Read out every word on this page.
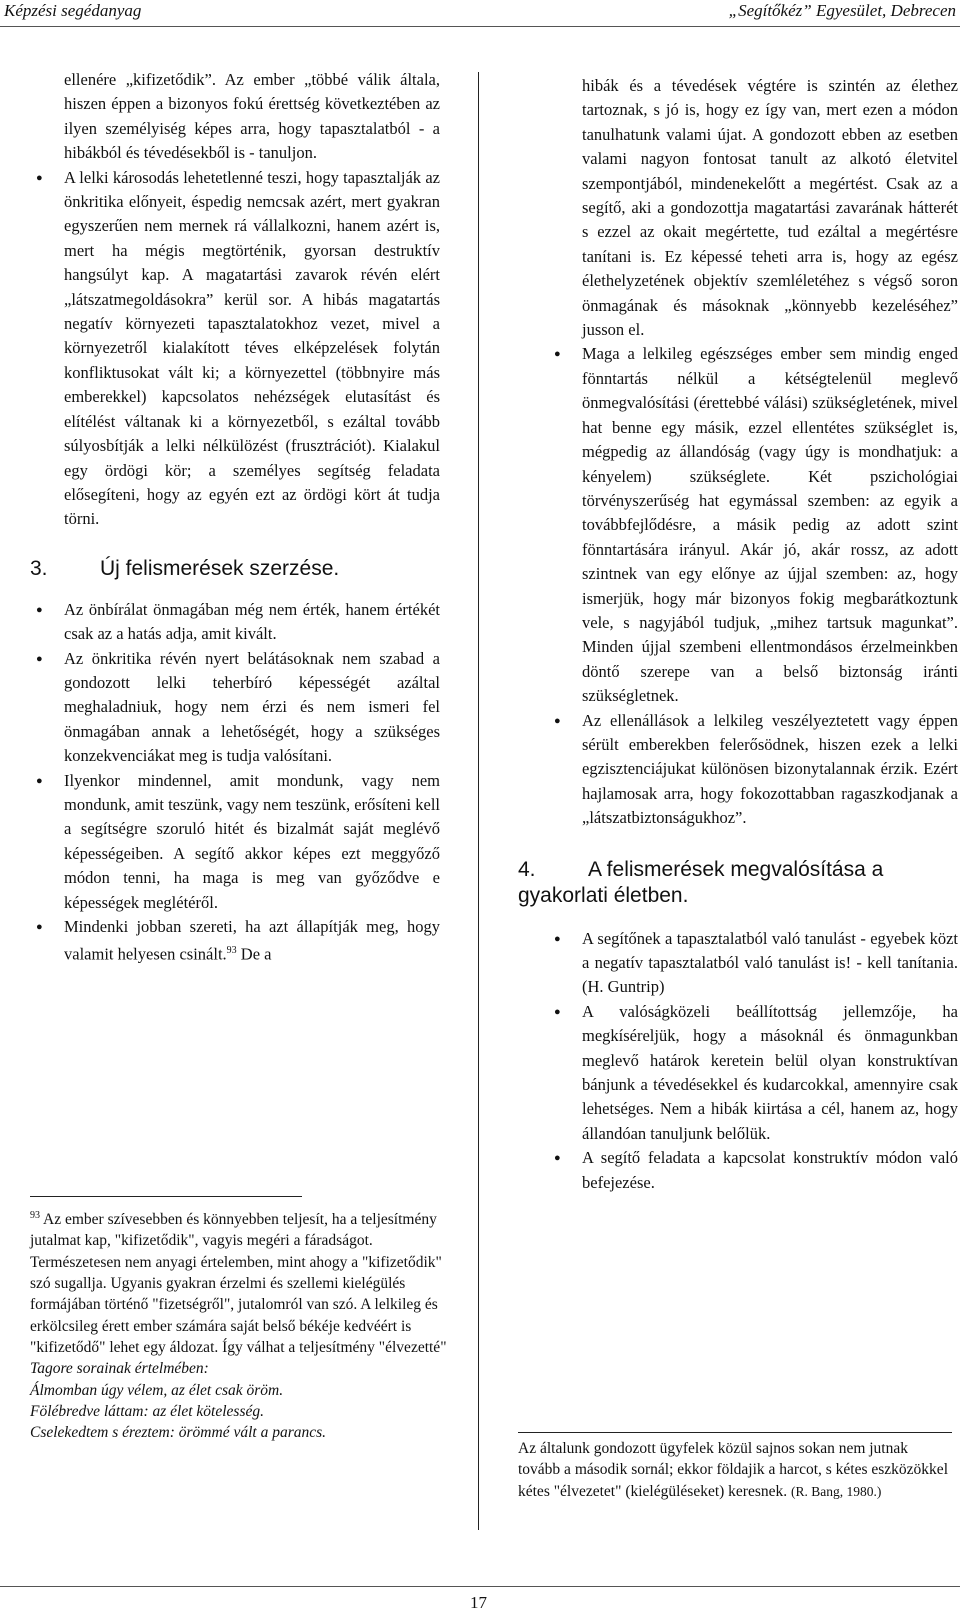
Képzési segédanyag	„Segítőkéz” Egyesület, Debrecen

ellenére „kifizetődik”. Az ember „többé válik általa, hiszen éppen a bizonyos fokú érettség következtében az ilyen személyiség képes arra, hogy tapasztalatból - a hibákból és tévedésekből is - tanuljon.

● A lelki károsodás lehetetlenné teszi, hogy tapasztalják az önkritika előnyeit, éspedig nemcsak azért, mert gyakran egyszerűen nem mernek rá vállalkozni, hanem azért is, mert ha mégis megtörténik, gyorsan destruktív hangsúlyt kap. A magatartási zavarok révén elért „látszatmegoldásokra” kerül sor. A hibás magatartás negatív környezeti tapasztalatokhoz vezet, mivel a környezetről kialakított téves elképzelések folytán konfliktusokat vált ki; a környezettel (többnyire más emberekkel) kapcsolatos nehézségek elutasítást és elítélést váltanak ki a környezetből, s ezáltal tovább súlyosbítják a lelki nélkülözést (frusztrációt). Kialakul egy ördögi kör; a személyes segítség feladata elősegíteni, hogy az egyén ezt az ördögi kört át tudja törni.
3. Új felismerések szerzése.
● Az önbírálat önmagában még nem érték, hanem értékét csak az a hatás adja, amit kivált.
● Az önkritika révén nyert belátásoknak nem szabad a gondozott lelki teherbíró képességét azáltal meghaladniuk, hogy nem érzi és nem ismeri fel önmagában annak a lehetőségét, hogy a szükséges konzekvenciákat meg is tudja valósítani.
● Ilyenkor mindennel, amit mondunk, vagy nem mondunk, amit teszünk, vagy nem teszünk, erősíteni kell a segítségre szoruló hitét és bizalmát saját meglévő képességeiben. A segítő akkor képes ezt meggyőző módon tenni, ha maga is meg van győződve e képességek meglétéről.
● Mindenki jobban szereti, ha azt állapítják meg, hogy valamit helyesen csinált.$^{93}$ De a
$^{93}$ Az ember szívesebben és könnyebben teljesít, ha a teljesítmény jutalmat kap, "kifizetődik", vagyis megéri a fáradságot. Természetesen nem anyagi értelemben, mint ahogy a "kifizetődik" szó sugallja. Ugyanis gyakran érzelmi és szellemi kielégülés formájában történő "fizetségről", jutalomról van szó. A lelkileg és erkölcsileg érett ember számára saját belső békéje kedvéért is "kifizetődő" lehet egy áldozat. Így válhat a teljesítmény "élvezetté"
Tagore sorainak értelmében:
Álmomban úgy vélem, az élet csak öröm.
Fölébredve láttam: az élet kötelesség.
Cselekedtem s éreztem: örömmé vált a parancs.

hibák és a tévedések végtére is szintén az élethez tartoznak, s jó is, hogy ez így van, mert ezen a módon tanulhatunk valami újat. A gondozott ebben az esetben valami nagyon fontosat tanult az alkotó életvitel szempontjából, mindenekelőtt a megértést. Csak az a segítő, aki a gondozottja magatartási zavarának hátterét s ezzel az okait megértette, tud ezáltal a megértésre tanítani is. Ez képessé teheti arra is, hogy az egész élethelyzetének objektív szemléletéhez s végső soron önmagának és másoknak „könnyebb kezeléséhez” jusson el.

● Maga a lelkileg egészséges ember sem mindig enged fönntartás nélkül a kétségtelenül meglevő önmegvalósítási (érettebbé válási) szükségletének, mivel hat benne egy másik, ezzel ellentétes szükséglet is, mégpedig az állandóság (vagy úgy is mondhatjuk: a kényelem) szükséglete. Két pszichológiai törvényszerűség hat egymással szemben: az egyik a továbbfejlődésre, a másik pedig az adott szint fönntartására irányul. Akár jó, akár rossz, az adott szintnek van egy előnye az újjal szemben: az, hogy ismerjük, hogy már bizonyos fokig megbarátkoztunk vele, s nagyjából tudjuk, „mihez tartsuk magunkat”. Minden újjal szembeni ellentmondásos érzelmeinkben döntő szerepe van a belső biztonság iránti szükségletnek.
● Az ellenállások a lelkileg veszélyeztetett vagy éppen sérült emberekben felerősödnek, hiszen ezek a lelki egzisztenciájukat különösen bizonytalannak érzik. Ezért hajlamosak arra, hogy fokozottabban ragaszkodjanak a „látszatbiztonságukhoz”.
4. A felismerések megvalósítása a gyakorlati életben.
● A segítőnek a tapasztalatból való tanulást - egyebek közt a negatív tapasztalatból való tanulást is! - kell tanítania. (H. Guntrip)
● A valóságközeli beállítottság jellemzője, ha megkíséreljük, hogy a másoknál és önmagunkban meglevő határok keretein belül olyan konstruktívan bánjunk a tévedésekkel és kudarcokkal, amennyire csak lehetséges. Nem a hibák kiirtása a cél, hanem az, hogy állandóan tanuljunk belőlük.
● A segítő feladata a kapcsolat konstruktív módon való befejezése.
Az általunk gondozott ügyfelek közül sajnos sokan nem jutnak tovább a második sornál; ekkor földajik a harcot, s kétes eszközökkel kétes "élvezetet" (kielégüléseket) keresnek. (R. Bang, 1980.)
17
